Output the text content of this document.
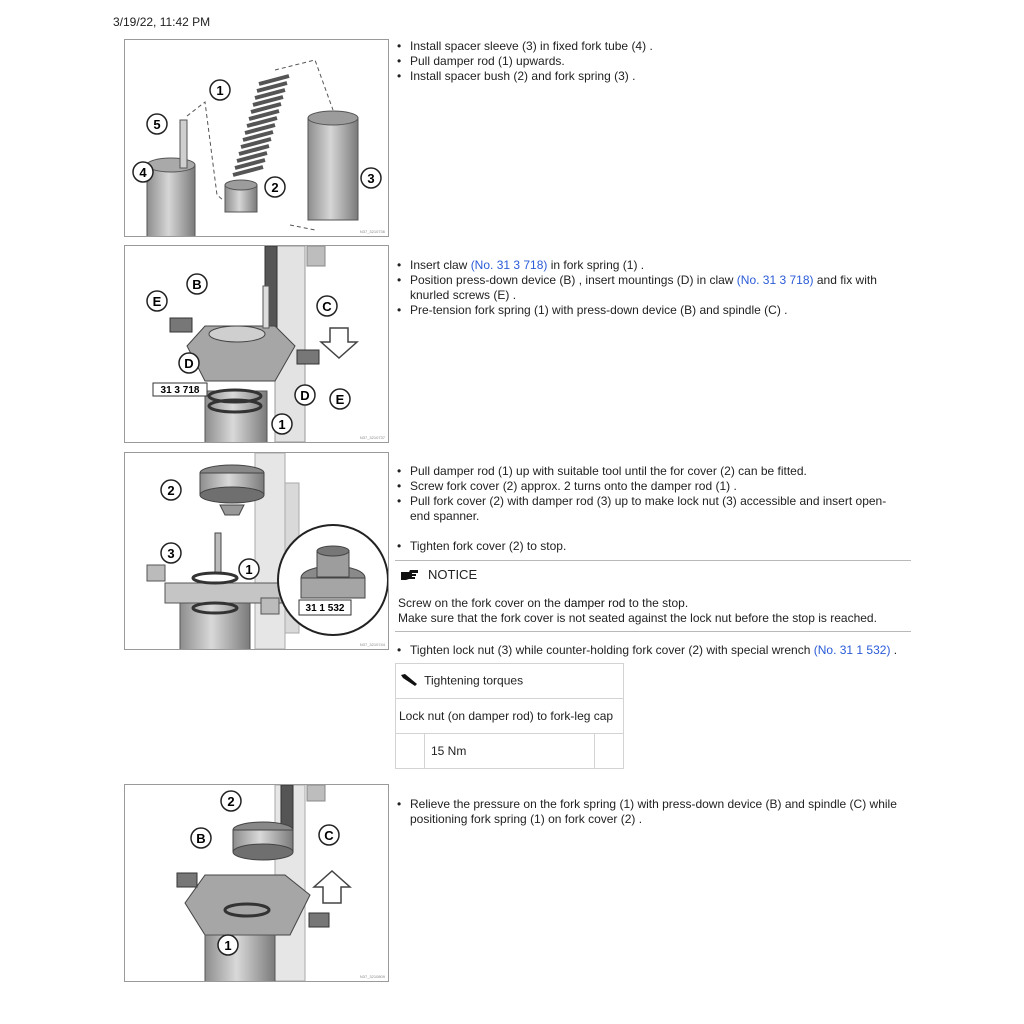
3/19/22, 11:42 PM
1
2
3
4
5
N37_3210736
• Install spacer sleeve (3) in fixed fork tube (4) .
• Pull damper rod (1) upwards.
• Install spacer bush (2) and fork spring (3) .
31 3 718
B
C
E
D
D E
1
N37_3210737
• Insert claw (No. 31 3 718) in fork spring (1) .
• Position press-down device (B) , insert mountings (D) in claw (No. 31 3 718) and fix with knurled screws (E) .
• Pre-tension fork spring (1) with press-down device (B) and spindle (C) .
31 1 532
2
3
1
N37_3210744
• Pull damper rod (1) up with suitable tool until the for cover (2) can be fitted.
• Screw fork cover (2) approx. 2 turns onto the damper rod (1) .
• Pull fork cover (2) with damper rod (3) up to make lock nut (3) accessible and insert open-end spanner.
• Tighten fork cover (2) to stop.
NOTICE
Screw on the fork cover on the damper rod to the stop.
Make sure that the fork cover is not seated against the lock nut before the stop is reached.
• Tighten lock nut (3) while counter-holding fork cover (2) with special wrench (No. 31 1 532) .
Tightening torques
Lock nut (on damper rod) to fork-leg cap
	15 Nm	
2
B	C
1
N37_3210809
• Relieve the pressure on the fork spring (1) with press-down device (B) and spindle (C) while positioning fork spring (1) on fork cover (2) .
